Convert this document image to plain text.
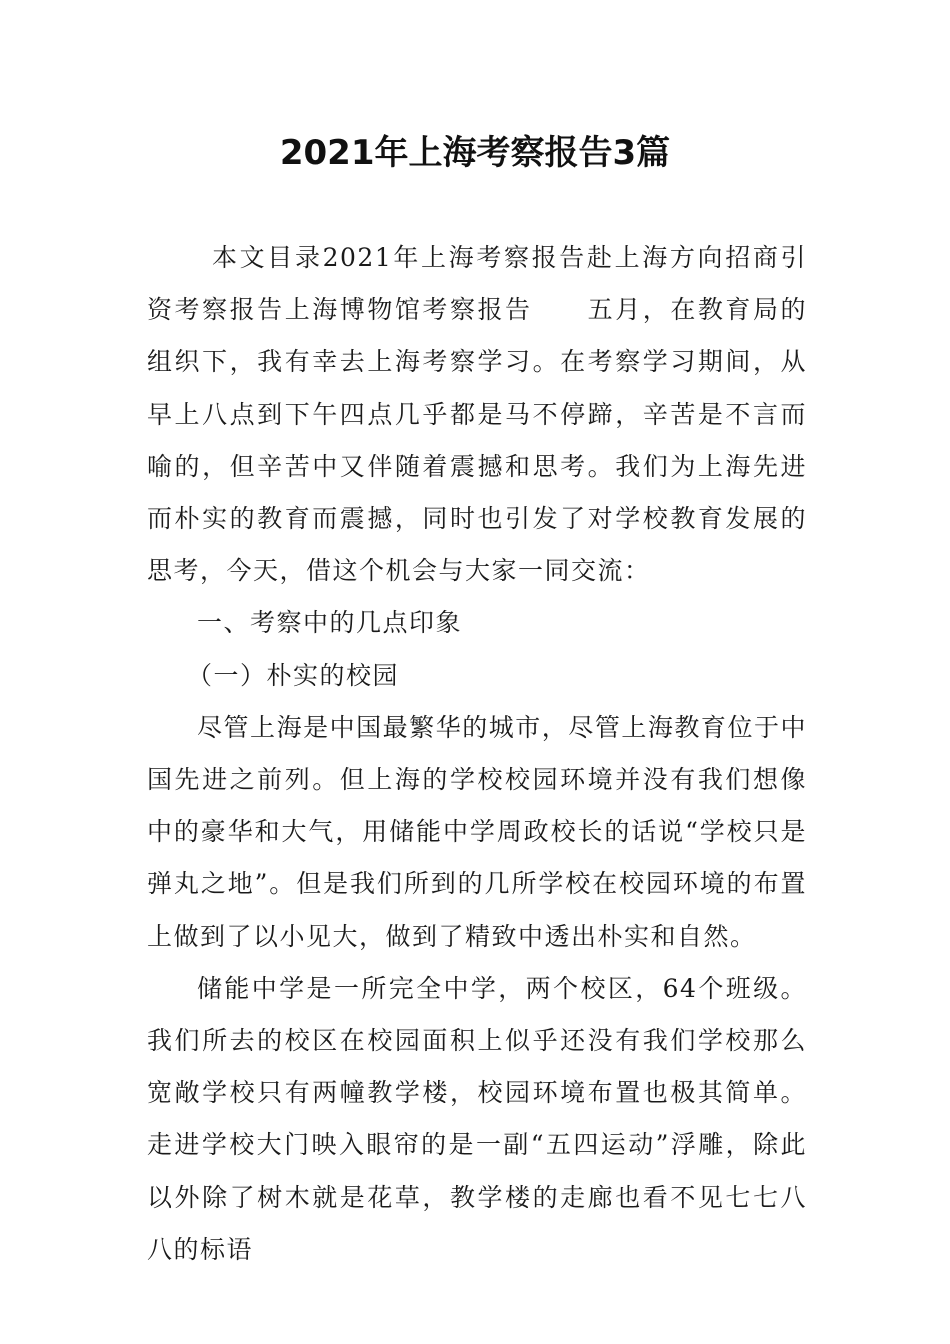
2021年上海考察报告3篇

本文目录2021年上海考察报告赴上海方向招商引资考察报告上海博物馆考察报告　　五月，在教育局的组织下，我有幸去上海考察学习。在考察学习期间，从早上八点到下午四点几乎都是马不停蹄，辛苦是不言而喻的，但辛苦中又伴随着震撼和思考。我们为上海先进而朴实的教育而震撼，同时也引发了对学校教育发展的思考，今天，借这个机会与大家一同交流：

一、考察中的几点印象

（一）朴实的校园

尽管上海是中国最繁华的城市，尽管上海教育位于中国先进之前列。但上海的学校校园环境并没有我们想像中的豪华和大气，用储能中学周政校长的话说“学校只是弹丸之地”。但是我们所到的几所学校在校园环境的布置上做到了以小见大，做到了精致中透出朴实和自然。

储能中学是一所完全中学，两个校区，64个班级。我们所去的校区在校园面积上似乎还没有我们学校那么宽敞学校只有两幢教学楼，校园环境布置也极其简单。走进学校大门映入眼帘的是一副“五四运动”浮雕，除此以外除了树木就是花草，教学楼的走廊也看不见七七八八的标语
